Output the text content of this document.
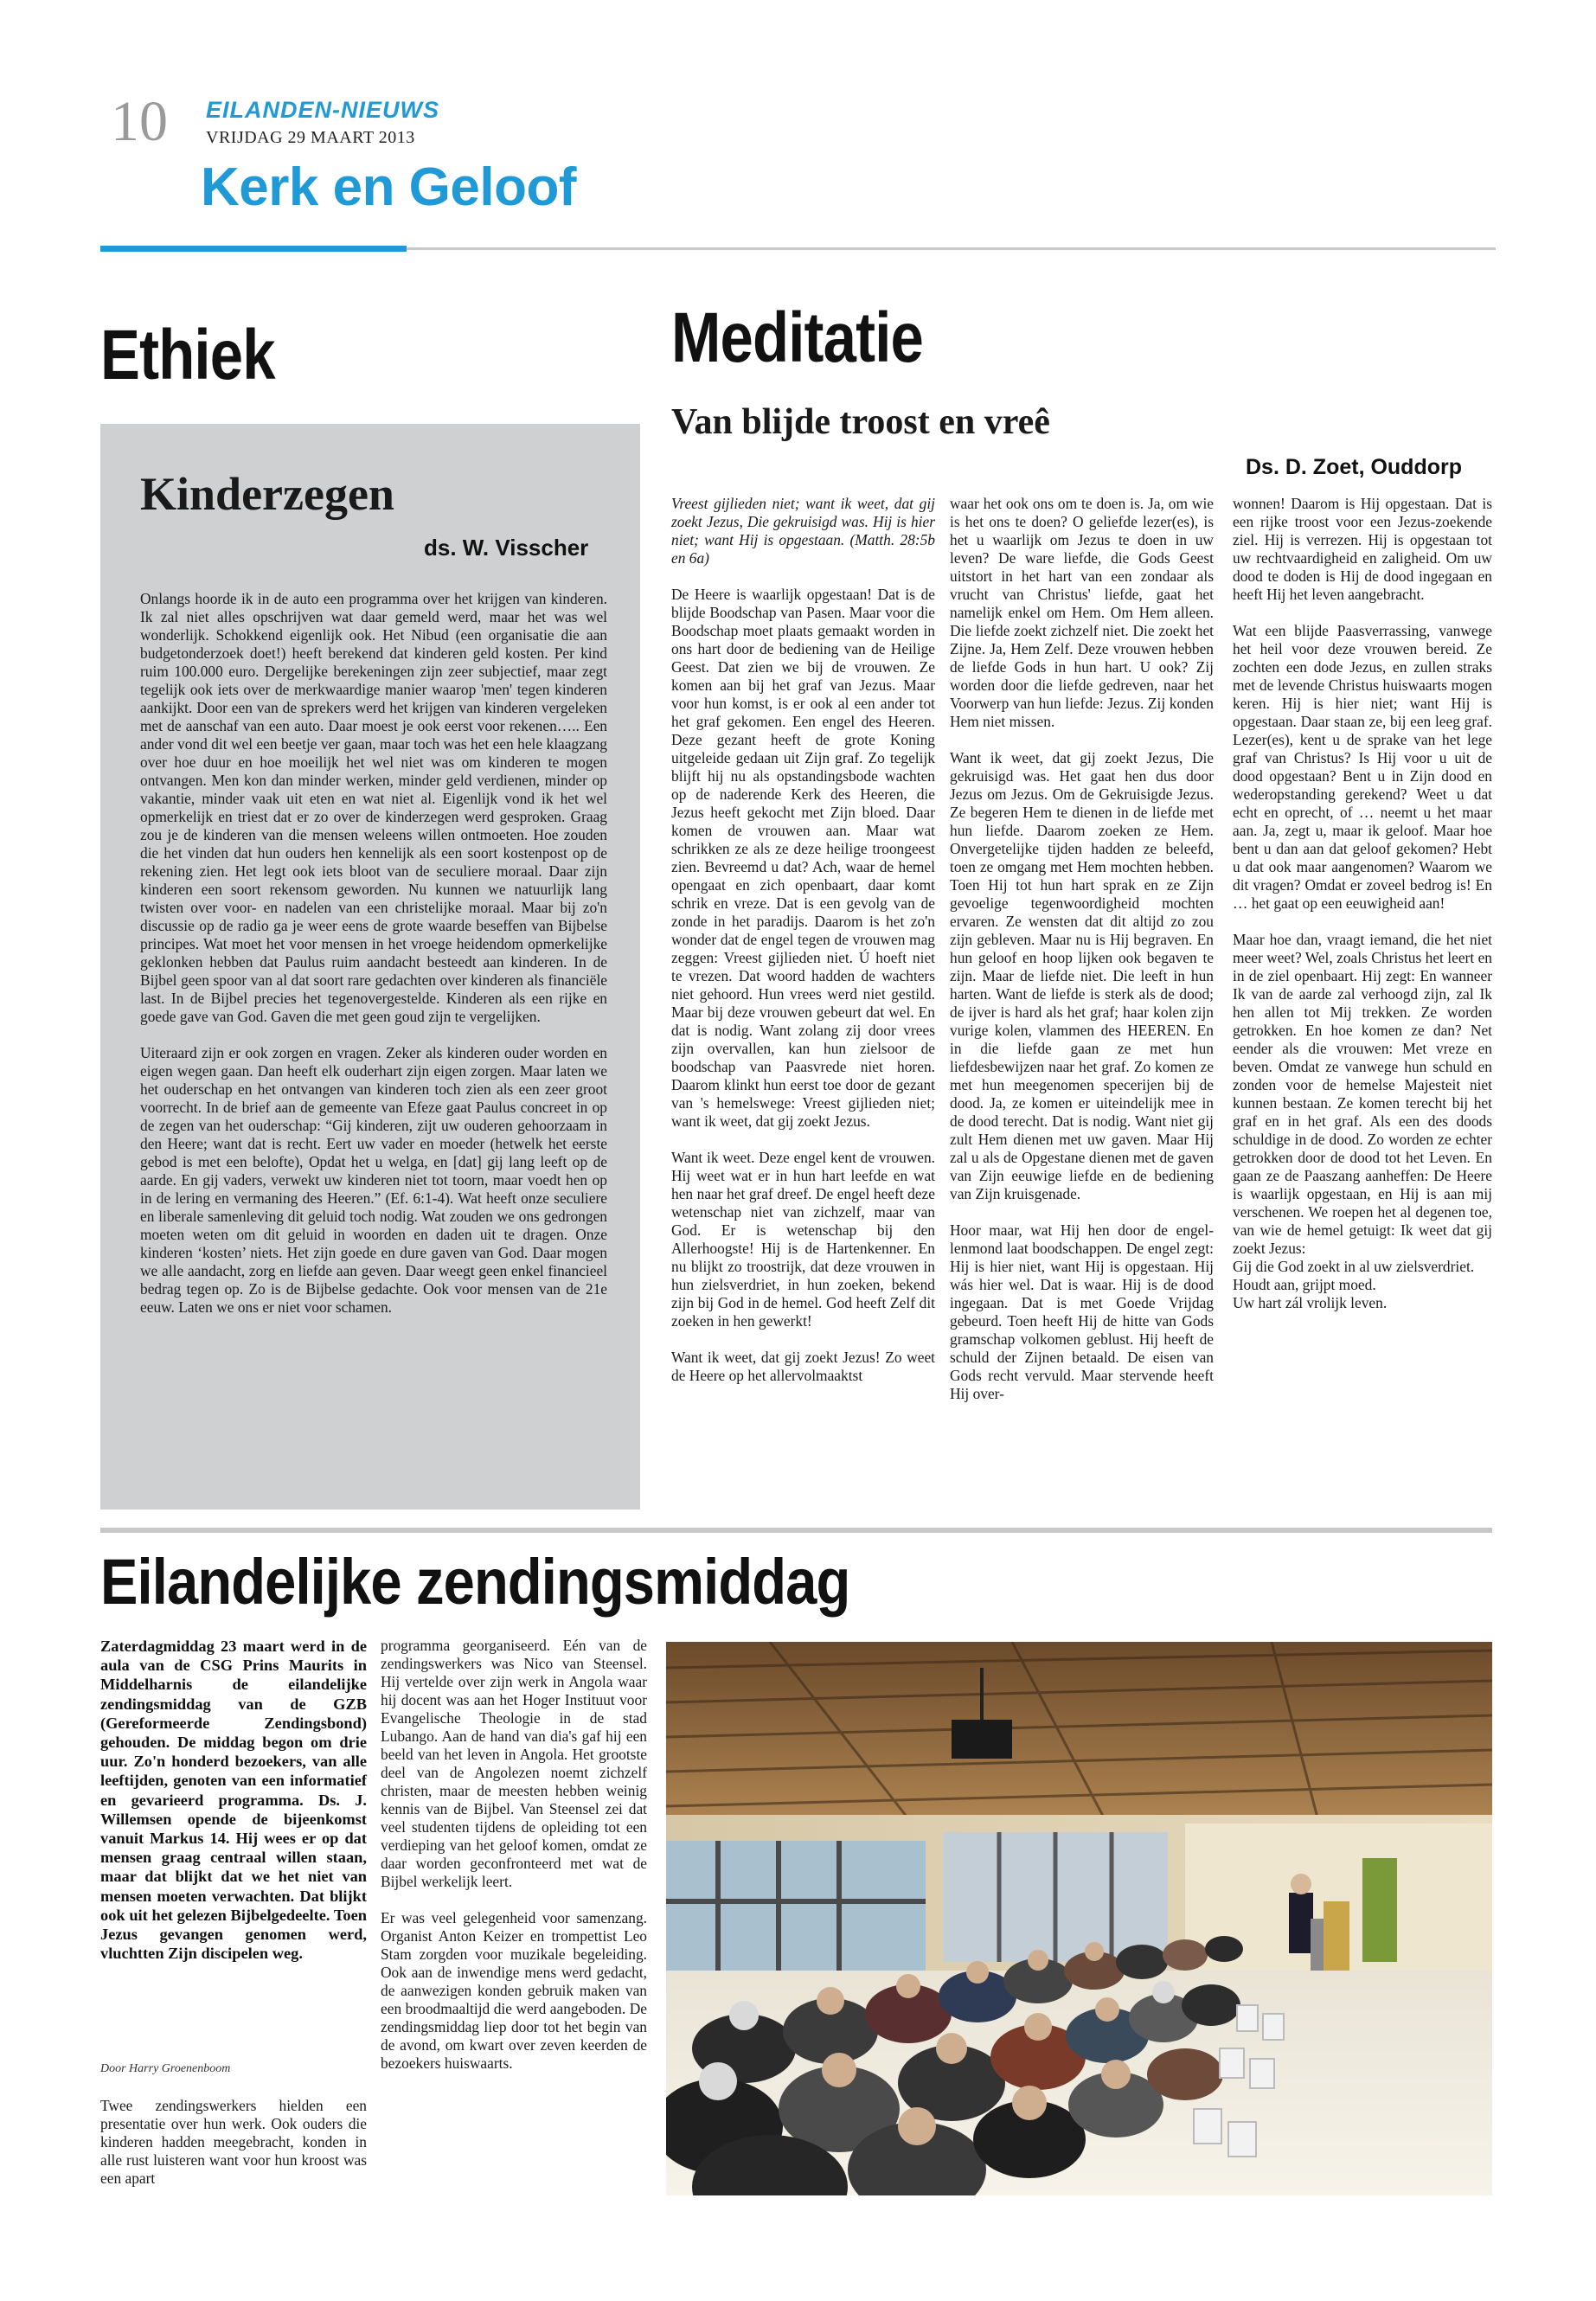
10 EILANDEN-NIEUWS
VRIJDAG 29 MAART 2013
Kerk en Geloof
Ethiek
Kinderzegen
ds. W. Visscher

Onlangs hoorde ik in de auto een programma over het krijgen van kinderen. Ik zal niet alles opschrijven wat daar gemeld werd, maar het was wel wonderlijk. Schokkend eigenlijk ook. Het Nibud (een organisatie die aan budgetonderzoek doet!) heeft berekend dat kinderen geld kosten. Per kind ruim 100.000 euro. Dergelijke berekeningen zijn zeer subjectief, maar zegt tegelijk ook iets over de merkwaardige manier waarop 'men' tegen kinderen aankijkt. Door een van de sprekers werd het krijgen van kinderen vergeleken met de aanschaf van een auto. Daar moest je ook eerst voor rekenen….. Een ander vond dit wel een beetje ver gaan, maar toch was het een hele klaagzang over hoe duur en hoe moeilijk het wel niet was om kinderen te mogen ontvangen. Men kon dan minder werken, minder geld verdienen, minder op vakantie, minder vaak uit eten en wat niet al. Eigenlijk vond ik het wel opmerkelijk en triest dat er zo over de kinderzegen werd gesproken. Graag zou je de kinderen van die mensen weleens willen ontmoeten. Hoe zouden die het vinden dat hun ouders hen kennelijk als een soort kostenpost op de rekening zien. Het legt ook iets bloot van de seculiere moraal. Daar zijn kinderen een soort rekensom geworden. Nu kunnen we natuurlijk lang twisten over voor- en nadelen van een christelijke moraal. Maar bij zo'n discussie op de radio ga je weer eens de grote waarde beseffen van Bijbelse principes. Wat moet het voor mensen in het vroege heidendom opmerkelijke geklonken hebben dat Paulus ruim aandacht besteedt aan kinderen. In de Bijbel geen spoor van al dat soort rare gedachten over kinderen als financiële last. In de Bijbel precies het tegenovergestelde. Kinderen als een rijke en goede gave van God. Gaven die met geen goud zijn te vergelijken.

Uiteraard zijn er ook zorgen en vragen. Zeker als kinderen ouder worden en eigen wegen gaan. Dan heeft elk ouderhart zijn eigen zorgen. Maar laten we het ouderschap en het ontvangen van kinderen toch zien als een zeer groot voorrecht. In de brief aan de gemeente van Efeze gaat Paulus concreet in op de zegen van het ouderschap: “Gij kinderen, zijt uw ouderen gehoorzaam in den Heere; want dat is recht. Eert uw vader en moeder (hetwelk het eerste gebod is met een belofte), Opdat het u welga, en [dat] gij lang leeft op de aarde. En gij vaders, verwekt uw kinderen niet tot toorn, maar voedt hen op in de lering en vermaning des Heeren.” (Ef. 6:1-4). Wat heeft onze seculiere en liberale samenleving dit geluid toch nodig. Wat zouden we ons gedrongen moeten weten om dit geluid in woorden en daden uit te dragen. Onze kinderen ‘kosten’ niets. Het zijn goede en dure gaven van God. Daar mogen we alle aandacht, zorg en liefde aan geven. Daar weegt geen enkel financieel bedrag tegen op. Zo is de Bijbelse gedachte. Ook voor mensen van de 21e eeuw. Laten we ons er niet voor schamen.

Meditatie
Van blijde troost en vreê
Ds. D. Zoet, Ouddorp

Vreest gijlieden niet; want ik weet, dat gij zoekt Jezus, Die gekruisigd was. Hij is hier niet; want Hij is opgestaan. (Matth. 28:5b en 6a)

De Heere is waarlijk opgestaan! Dat is de blijde Boodschap van Pasen. Maar voor die Boodschap moet plaats gemaakt worden in ons hart door de bediening van de Heilige Geest. Dat zien we bij de vrouwen. Ze komen aan bij het graf van Jezus. Maar voor hun komst, is er ook al een ander tot het graf gekomen. Een engel des Heeren. Deze gezant heeft de grote Koning uitgeleide gedaan uit Zijn graf. Zo tegelijk blijft hij nu als opstandingsbode wachten op de naderende Kerk des Heeren, die Jezus heeft gekocht met Zijn bloed. Daar komen de vrouwen aan. Maar wat schrikken ze als ze deze heilige troongeest zien. Bevreemd u dat? Ach, waar de hemel opengaat en zich openbaart, daar komt schrik en vreze. Dat is een gevolg van de zonde in het paradijs. Daarom is het zo'n wonder dat de engel tegen de vrouwen mag zeggen: Vreest gijlieden niet. Ú hoeft niet te vrezen. Dat woord hadden de wachters niet gehoord. Hun vrees werd niet gestild. Maar bij deze vrouwen gebeurt dat wel. En dat is nodig. Want zolang zij door vrees zijn overvallen, kan hun zielsoor de boodschap van Paasvrede niet horen. Daarom klinkt hun eerst toe door de gezant van 's hemelswege: Vreest gijlieden niet; want ik weet, dat gij zoekt Jezus.

Want ik weet. Deze engel kent de vrouwen. Hij weet wat er in hun hart leefde en wat hen naar het graf dreef. De engel heeft deze wetenschap niet van zichzelf, maar van God. Er is wetenschap bij den Allerhoogste! Hij is de Hartenkenner. En nu blijkt zo troostrijk, dat deze vrouwen in hun zielsverdriet, in hun zoeken, bekend zijn bij God in de hemel. God heeft Zelf dit zoeken in hen gewerkt!

Want ik weet, dat gij zoekt Jezus! Zo weet de Heere op het allervolmaaktst

waar het ook ons om te doen is. Ja, om wie is het ons te doen? O geliefde lezer(es), is het u waarlijk om Jezus te doen in uw leven? De ware liefde, die Gods Geest uitstort in het hart van een zondaar als vrucht van Christus' liefde, gaat het namelijk enkel om Hem. Om Hem alleen. Die liefde zoekt zichzelf niet. Die zoekt het Zijne. Ja, Hem Zelf. Deze vrouwen hebben de liefde Gods in hun hart. U ook? Zij worden door die liefde gedreven, naar het Voorwerp van hun liefde: Jezus. Zij konden Hem niet missen.

Want ik weet, dat gij zoekt Jezus, Die gekruisigd was. Het gaat hen dus door Jezus om Jezus. Om de Gekruisigde Jezus. Ze begeren Hem te dienen in de liefde met hun liefde. Daarom zoeken ze Hem. Onvergetelijke tijden hadden ze beleefd, toen ze omgang met Hem mochten hebben. Toen Hij tot hun hart sprak en ze Zijn gevoelige tegenwoordigheid mochten ervaren. Ze wensten dat dit altijd zo zou zijn gebleven. Maar nu is Hij begraven. En hun geloof en hoop lijken ook begaven te zijn. Maar de liefde niet. Die leeft in hun harten. Want de liefde is sterk als de dood; de ijver is hard als het graf; haar kolen zijn vurige kolen, vlammen des HEEREN. En in die liefde gaan ze met hun liefdesbewijzen naar het graf. Zo komen ze met hun meegenomen specerijen bij de dood. Ja, ze komen er uiteindelijk mee in de dood terecht. Dat is nodig. Want niet gij zult Hem dienen met uw gaven. Maar Hij zal u als de Opgestane dienen met de gaven van Zijn eeuwige liefde en de bediening van Zijn kruisgenade.

Hoor maar, wat Hij hen door de engel-lenmond laat boodschappen. De engel zegt: Hij is hier niet, want Hij is opgestaan. Hij wás hier wel. Dat is waar. Hij is de dood ingegaan. Dat is met Goede Vrijdag gebeurd. Toen heeft Hij de hitte van Gods gramschap volkomen geblust. Hij heeft de schuld der Zijnen betaald. De eisen van Gods recht vervuld. Maar stervende heeft Hij over-

wonnen! Daarom is Hij opgestaan. Dat is een rijke troost voor een Jezus-zoekende ziel. Hij is verrezen. Hij is opgestaan tot uw rechtvaardigheid en zaligheid. Om uw dood te doden is Hij de dood ingegaan en heeft Hij het leven aangebracht.

Wat een blijde Paasverrassing, vanwege het heil voor deze vrouwen bereid. Ze zochten een dode Jezus, en zullen straks met de levende Christus huiswaarts mogen keren. Hij is hier niet; want Hij is opgestaan. Daar staan ze, bij een leeg graf. Lezer(es), kent u de sprake van het lege graf van Christus? Is Hij voor u uit de dood opgestaan? Bent u in Zijn dood en wederopstanding gerekend? Weet u dat echt en oprecht, of … neemt u het maar aan. Ja, zegt u, maar ik geloof. Maar hoe bent u dan aan dat geloof gekomen? Hebt u dat ook maar aangenomen? Waarom we dit vragen? Omdat er zoveel bedrog is! En … het gaat op een eeuwigheid aan!

Maar hoe dan, vraagt iemand, die het niet meer weet? Wel, zoals Christus het leert en in de ziel openbaart. Hij zegt: En wanneer Ik van de aarde zal verhoogd zijn, zal Ik hen allen tot Mij trekken. Ze worden getrokken. En hoe komen ze dan? Net eender als die vrouwen: Met vreze en beven. Omdat ze vanwege hun schuld en zonden voor de hemelse Majesteit niet kunnen bestaan. Ze komen terecht bij het graf en in het graf. Als een des doods schuldige in de dood. Zo worden ze echter getrokken door de dood tot het Leven. En gaan ze de Paaszang aanheffen: De Heere is waarlijk opgestaan, en Hij is aan mij verschenen. We roepen het al degenen toe, van wie de hemel getuigt: Ik weet dat gij zoekt Jezus:

Gij die God zoekt in al uw zielsverdriet.

Houdt aan, grijpt moed.

Uw hart zál vrolijk leven.

Eilandelijke zendingsmiddag
Zaterdagmiddag 23 maart werd in de aula van de CSG Prins Maurits in Middelharnis de eilandelijke zendingsmiddag van de GZB (Gereformeerde Zendingsbond) gehouden. De middag begon om drie uur. Zo'n honderd bezoekers, van alle leeftijden, genoten van een informatief en gevarieerd programma. Ds. J. Willemsen opende de bijeenkomst vanuit Markus 14. Hij wees er op dat mensen graag centraal willen staan, maar dat blijkt dat we het niet van mensen moeten verwachten. Dat blijkt ook uit het gelezen Bijbelgedeelte. Toen Jezus gevangen genomen werd, vluchtten Zijn discipelen weg.
Door Harry Groenenboom

Twee zendingswerkers hielden een presentatie over hun werk. Ook ouders die kinderen hadden meegebracht, konden in alle rust luisteren want voor hun kroost was een apart

programma georganiseerd. Eén van de zendingswerkers was Nico van Steensel. Hij vertelde over zijn werk in Angola waar hij docent was aan het Hoger Instituut voor Evangelische Theologie in de stad Lubango. Aan de hand van dia's gaf hij een beeld van het leven in Angola. Het grootste deel van de Angolezen noemt zichzelf christen, maar de meesten hebben weinig kennis van de Bijbel. Van Steensel zei dat veel studenten tijdens de opleiding tot een verdieping van het geloof komen, omdat ze daar worden geconfronteerd met wat de Bijbel werkelijk leert.

Er was veel gelegenheid voor samenzang. Organist Anton Keizer en trompettist Leo Stam zorgden voor muzikale begeleiding. Ook aan de inwendige mens werd gedacht, de aanwezigen konden gebruik maken van een broodmaaltijd die werd aangeboden. De zendingsmiddag liep door tot het begin van de avond, om kwart over zeven keerden de bezoekers huiswaarts.
